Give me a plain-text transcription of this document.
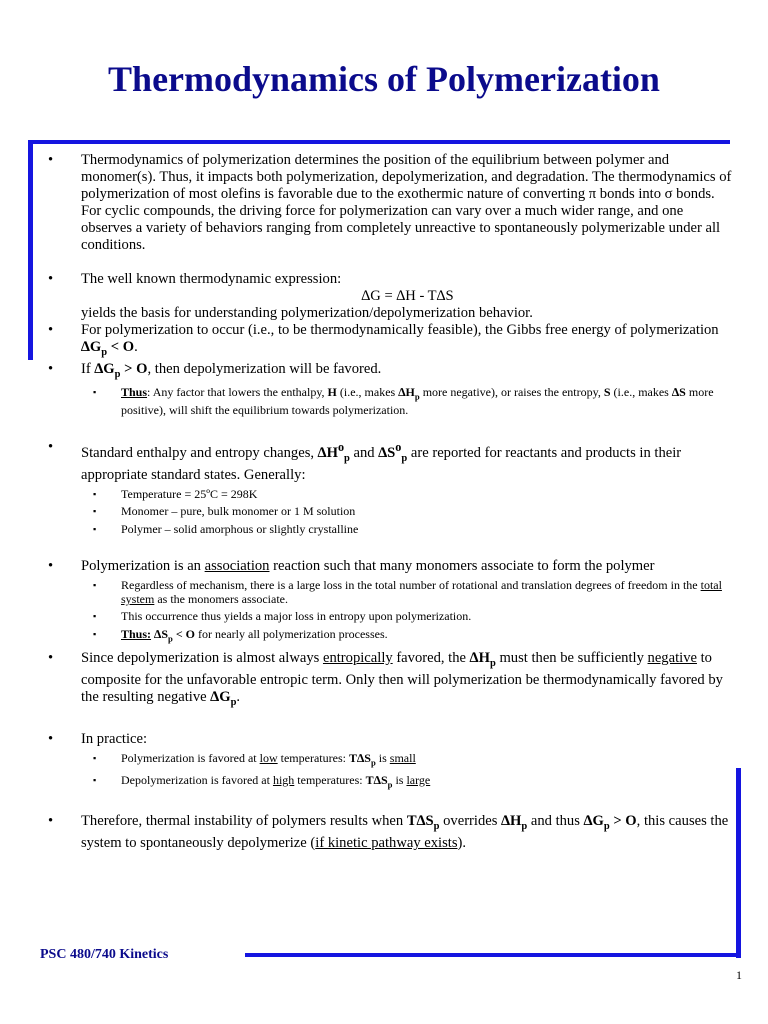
Thermodynamics of Polymerization

• Thermodynamics of polymerization determines the position of the equilibrium between polymer and monomer(s). Thus, it impacts both polymerization, depolymerization, and degradation. The thermodynamics of polymerization of most olefins is favorable due to the exothermic nature of converting π bonds into σ bonds. For cyclic compounds, the driving force for polymerization can vary over a much wider range, and one observes a variety of behaviors ranging from completely unreactive to spontaneously polymerizable under all conditions.

• The well known thermodynamic expression:
∆G = ∆H - T∆S
yields the basis for understanding polymerization/depolymerization behavior.

• For polymerization to occur (i.e., to be thermodynamically feasible), the Gibbs free energy of polymerization $\Delta G_p < O$.

• If $\Delta G_p > O$, then depolymerization will be favored.

▪ Thus: Any factor that lowers the enthalpy, H (i.e., makes $\Delta H_p$ more negative), or raises the entropy, S (i.e., makes ∆S more positive), will shift the equilibrium towards polymerization.

• Standard enthalpy and entropy changes, $\Delta H^o_p$ and $\Delta S^o_p$ are reported for reactants and products in their appropriate standard states. Generally:

▪ Temperature = 25ºC = 298K

▪ Monomer – pure, bulk monomer or 1 M solution

▪ Polymer – solid amorphous or slightly crystalline

• Polymerization is an association reaction such that many monomers associate to form the polymer

▪ Regardless of mechanism, there is a large loss in the total number of rotational and translation degrees of freedom in the total system as the monomers associate.

▪ This occurrence thus yields a major loss in entropy upon polymerization.

▪ Thus: $\Delta S_p < O$ for nearly all polymerization processes.

• Since depolymerization is almost always entropically favored, the $\Delta H_p$ must then be sufficiently negative to composite for the unfavorable entropic term. Only then will polymerization be thermodynamically favored by the resulting negative $\Delta G_p$.

• In practice:

▪ Polymerization is favored at low temperatures: $T\Delta S_p$ is small

▪ Depolymerization is favored at high temperatures: $T\Delta S_p$ is large

• Therefore, thermal instability of polymers results when $T\Delta S_p$ overrides $\Delta H_p$ and thus $\Delta G_p > O$, this causes the system to spontaneously depolymerize (if kinetic pathway exists).

PSC 480/740 Kinetics
1
